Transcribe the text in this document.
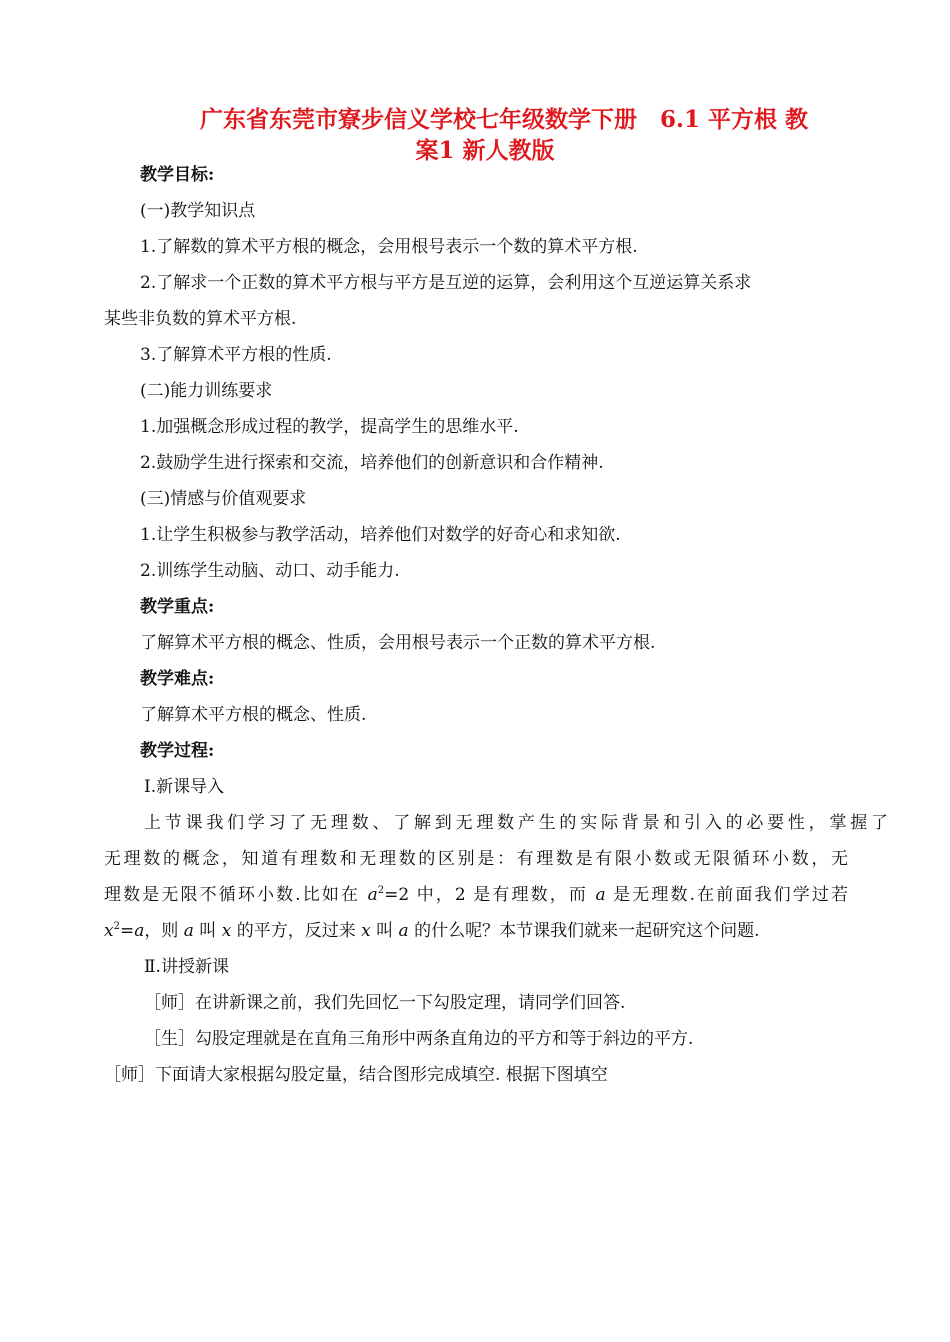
广东省东莞市寮步信义学校七年级数学下册　6.1 平方根 教
案1 新人教版
教学目标:
(一)教学知识点
1.了解数的算术平方根的概念，会用根号表示一个数的算术平方根.
2.了解求一个正数的算术平方根与平方是互逆的运算，会利用这个互逆运算关系求
某些非负数的算术平方根.
3.了解算术平方根的性质.
(二)能力训练要求
1.加强概念形成过程的教学，提高学生的思维水平.
2.鼓励学生进行探索和交流，培养他们的创新意识和合作精神.
(三)情感与价值观要求
1.让学生积极参与教学活动，培养他们对数学的好奇心和求知欲.
2.训练学生动脑、动口、动手能力.
教学重点:
了解算术平方根的概念、性质，会用根号表示一个正数的算术平方根.
教学难点:
了解算术平方根的概念、性质.
教学过程:
Ⅰ.新课导入
上节课我们学习了无理数、了解到无理数产生的实际背景和引入的必要性，掌握了
无理数的概念，知道有理数和无理数的区别是：有理数是有限小数或无限循环小数，无
理数是无限不循环小数.比如在 $a^2=2$ 中，2 是有理数，而 a 是无理数.在前面我们学过若
$x^2=a$，则 a 叫 x 的平方，反过来 x 叫 a 的什么呢？本节课我们就来一起研究这个问题.
Ⅱ.讲授新课
［师］在讲新课之前，我们先回忆一下勾股定理，请同学们回答.
［生］勾股定理就是在直角三角形中两条直角边的平方和等于斜边的平方.
［师］下面请大家根据勾股定量，结合图形完成填空. 根据下图填空
